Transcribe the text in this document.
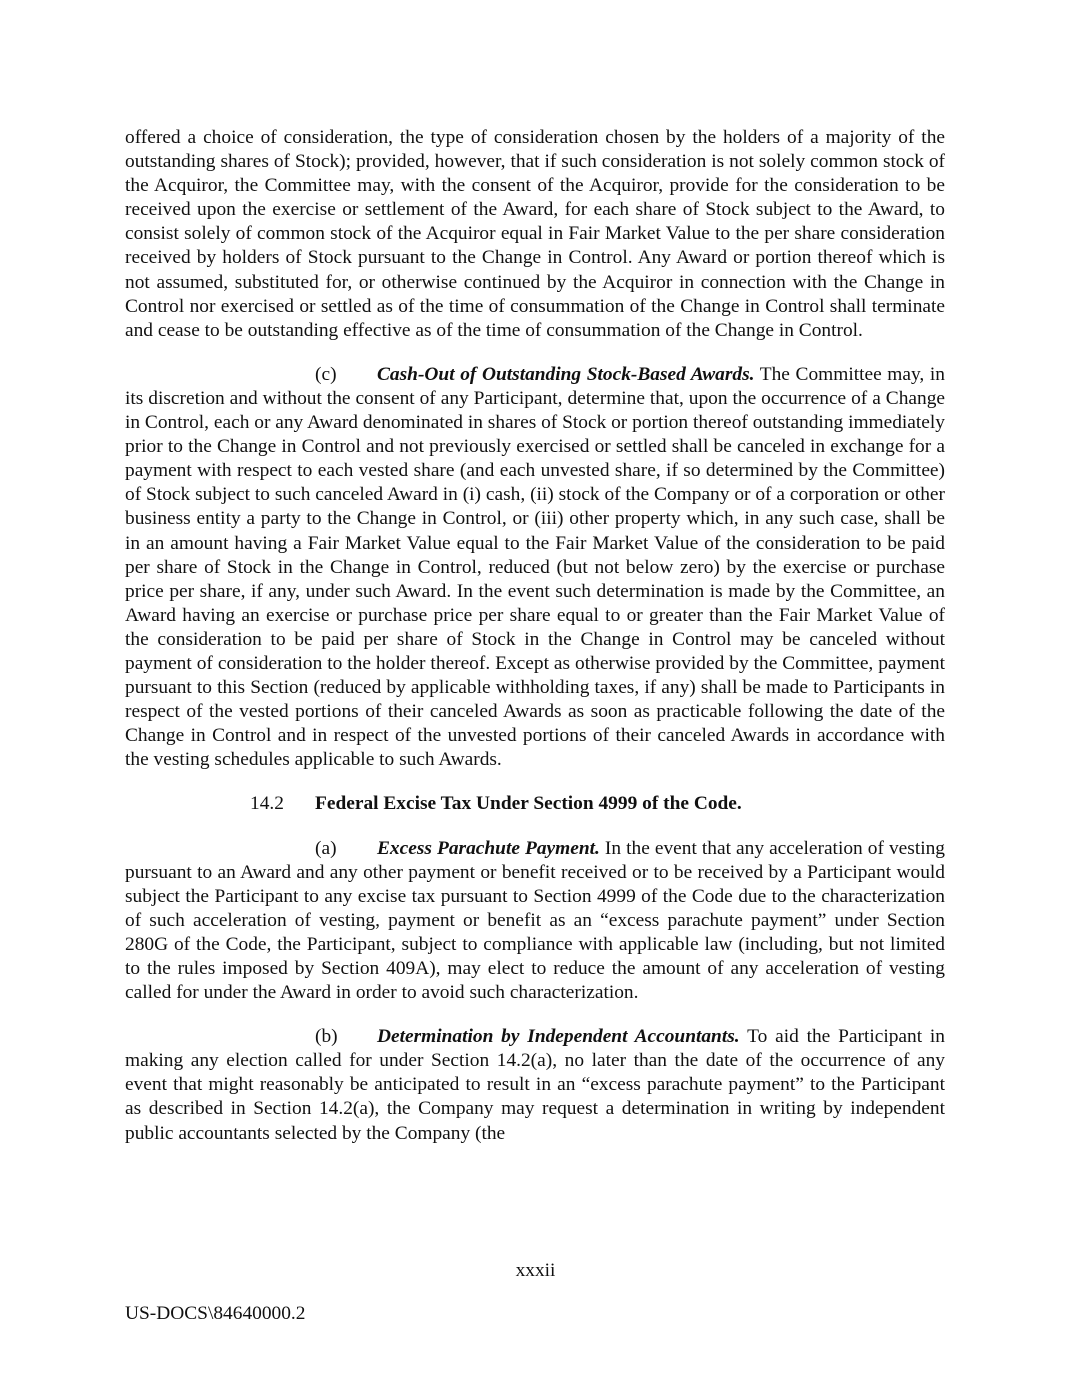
offered a choice of consideration, the type of consideration chosen by the holders of a majority of the outstanding shares of Stock); provided, however, that if such consideration is not solely common stock of the Acquiror, the Committee may, with the consent of the Acquiror, provide for the consideration to be received upon the exercise or settlement of the Award, for each share of Stock subject to the Award, to consist solely of common stock of the Acquiror equal in Fair Market Value to the per share consideration received by holders of Stock pursuant to the Change in Control. Any Award or portion thereof which is not assumed, substituted for, or otherwise continued by the Acquiror in connection with the Change in Control nor exercised or settled as of the time of consummation of the Change in Control shall terminate and cease to be outstanding effective as of the time of consummation of the Change in Control.

(c) Cash-Out of Outstanding Stock-Based Awards. The Committee may, in its discretion and without the consent of any Participant, determine that, upon the occurrence of a Change in Control, each or any Award denominated in shares of Stock or portion thereof outstanding immediately prior to the Change in Control and not previously exercised or settled shall be canceled in exchange for a payment with respect to each vested share (and each unvested share, if so determined by the Committee) of Stock subject to such canceled Award in (i) cash, (ii) stock of the Company or of a corporation or other business entity a party to the Change in Control, or (iii) other property which, in any such case, shall be in an amount having a Fair Market Value equal to the Fair Market Value of the consideration to be paid per share of Stock in the Change in Control, reduced (but not below zero) by the exercise or purchase price per share, if any, under such Award. In the event such determination is made by the Committee, an Award having an exercise or purchase price per share equal to or greater than the Fair Market Value of the consideration to be paid per share of Stock in the Change in Control may be canceled without payment of consideration to the holder thereof. Except as otherwise provided by the Committee, payment pursuant to this Section (reduced by applicable withholding taxes, if any) shall be made to Participants in respect of the vested portions of their canceled Awards as soon as practicable following the date of the Change in Control and in respect of the unvested portions of their canceled Awards in accordance with the vesting schedules applicable to such Awards.

14.2 Federal Excise Tax Under Section 4999 of the Code.

(a) Excess Parachute Payment. In the event that any acceleration of vesting pursuant to an Award and any other payment or benefit received or to be received by a Participant would subject the Participant to any excise tax pursuant to Section 4999 of the Code due to the characterization of such acceleration of vesting, payment or benefit as an “excess parachute payment” under Section 280G of the Code, the Participant, subject to compliance with applicable law (including, but not limited to the rules imposed by Section 409A), may elect to reduce the amount of any acceleration of vesting called for under the Award in order to avoid such characterization.

(b) Determination by Independent Accountants. To aid the Participant in making any election called for under Section 14.2(a), no later than the date of the occurrence of any event that might reasonably be anticipated to result in an “excess parachute payment” to the Participant as described in Section 14.2(a), the Company may request a determination in writing by independent public accountants selected by the Company (the

xxxii
US-DOCS\84640000.2
